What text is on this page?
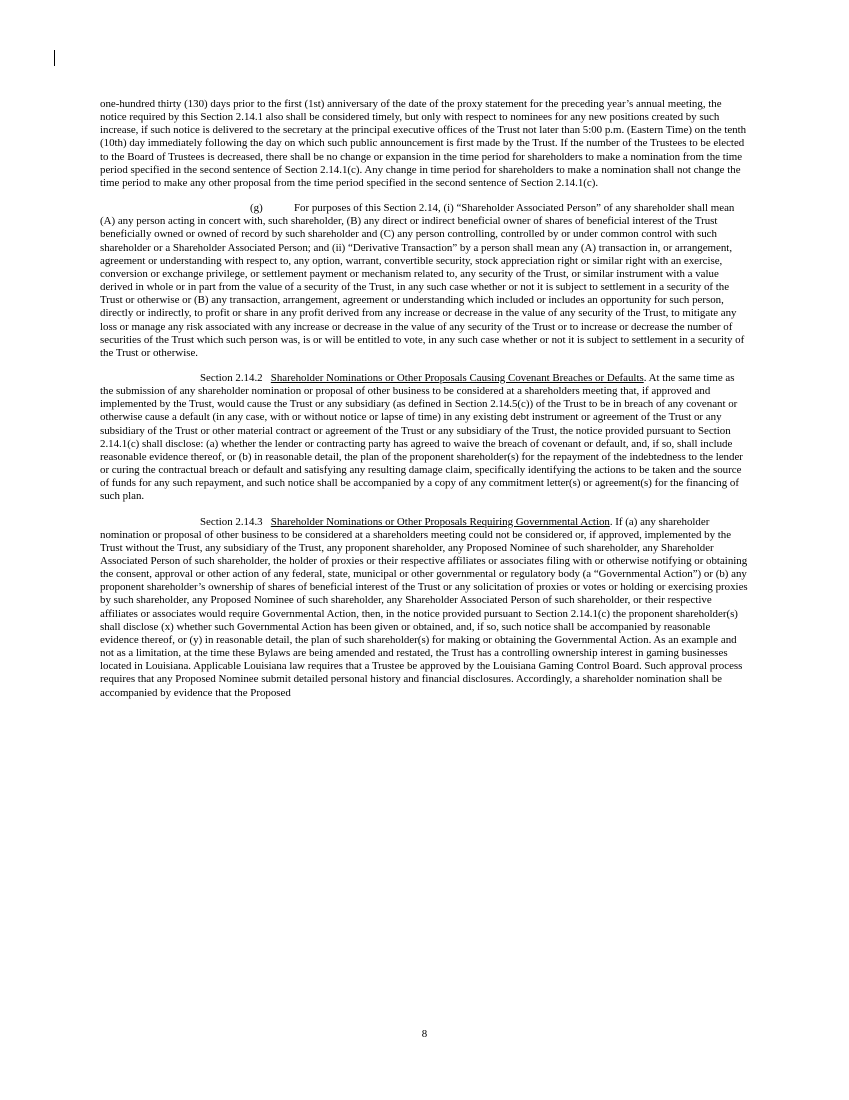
one-hundred thirty (130) days prior to the first (1st) anniversary of the date of the proxy statement for the preceding year’s annual meeting, the notice required by this Section 2.14.1 also shall be considered timely, but only with respect to nominees for any new positions created by such increase, if such notice is delivered to the secretary at the principal executive offices of the Trust not later than 5:00 p.m. (Eastern Time) on the tenth (10th) day immediately following the day on which such public announcement is first made by the Trust. If the number of the Trustees to be elected to the Board of Trustees is decreased, there shall be no change or expansion in the time period for shareholders to make a nomination from the time period specified in the second sentence of Section 2.14.1(c). Any change in time period for shareholders to make a nomination shall not change the time period to make any other proposal from the time period specified in the second sentence of Section 2.14.1(c).

(g)	For purposes of this Section 2.14, (i) “Shareholder Associated Person” of any shareholder shall mean (A) any person acting in concert with, such shareholder, (B) any direct or indirect beneficial owner of shares of beneficial interest of the Trust beneficially owned or owned of record by such shareholder and (C) any person controlling, controlled by or under common control with such shareholder or a Shareholder Associated Person; and (ii) “Derivative Transaction” by a person shall mean any (A) transaction in, or arrangement, agreement or understanding with respect to, any option, warrant, convertible security, stock appreciation right or similar right with an exercise, conversion or exchange privilege, or settlement payment or mechanism related to, any security of the Trust, or similar instrument with a value derived in whole or in part from the value of a security of the Trust, in any such case whether or not it is subject to settlement in a security of the Trust or otherwise or (B) any transaction, arrangement, agreement or understanding which included or includes an opportunity for such person, directly or indirectly, to profit or share in any profit derived from any increase or decrease in the value of any security of the Trust, to mitigate any loss or manage any risk associated with any increase or decrease in the value of any security of the Trust or to increase or decrease the number of securities of the Trust which such person was, is or will be entitled to vote, in any such case whether or not it is subject to settlement in a security of the Trust or otherwise.

Section 2.14.2 Shareholder Nominations or Other Proposals Causing Covenant Breaches or Defaults. At the same time as the submission of any shareholder nomination or proposal of other business to be considered at a shareholders meeting that, if approved and implemented by the Trust, would cause the Trust or any subsidiary (as defined in Section 2.14.5(c)) of the Trust to be in breach of any covenant or otherwise cause a default (in any case, with or without notice or lapse of time) in any existing debt instrument or agreement of the Trust or any subsidiary of the Trust or other material contract or agreement of the Trust or any subsidiary of the Trust, the notice provided pursuant to Section 2.14.1(c) shall disclose: (a) whether the lender or contracting party has agreed to waive the breach of covenant or default, and, if so, shall include reasonable evidence thereof, or (b) in reasonable detail, the plan of the proponent shareholder(s) for the repayment of the indebtedness to the lender or curing the contractual breach or default and satisfying any resulting damage claim, specifically identifying the actions to be taken and the source of funds for any such repayment, and such notice shall be accompanied by a copy of any commitment letter(s) or agreement(s) for the financing of such plan.

Section 2.14.3 Shareholder Nominations or Other Proposals Requiring Governmental Action. If (a) any shareholder nomination or proposal of other business to be considered at a shareholders meeting could not be considered or, if approved, implemented by the Trust without the Trust, any subsidiary of the Trust, any proponent shareholder, any Proposed Nominee of such shareholder, any Shareholder Associated Person of such shareholder, the holder of proxies or their respective affiliates or associates filing with or otherwise notifying or obtaining the consent, approval or other action of any federal, state, municipal or other governmental or regulatory body (a “Governmental Action”) or (b) any proponent shareholder’s ownership of shares of beneficial interest of the Trust or any solicitation of proxies or votes or holding or exercising proxies by such shareholder, any Proposed Nominee of such shareholder, any Shareholder Associated Person of such shareholder, or their respective affiliates or associates would require Governmental Action, then, in the notice provided pursuant to Section 2.14.1(c) the proponent shareholder(s) shall disclose (x) whether such Governmental Action has been given or obtained, and, if so, such notice shall be accompanied by reasonable evidence thereof, or (y) in reasonable detail, the plan of such shareholder(s) for making or obtaining the Governmental Action. As an example and not as a limitation, at the time these Bylaws are being amended and restated, the Trust has a controlling ownership interest in gaming businesses located in Louisiana. Applicable Louisiana law requires that a Trustee be approved by the Louisiana Gaming Control Board. Such approval process requires that any Proposed Nominee submit detailed personal history and financial disclosures. Accordingly, a shareholder nomination shall be accompanied by evidence that the Proposed

8
